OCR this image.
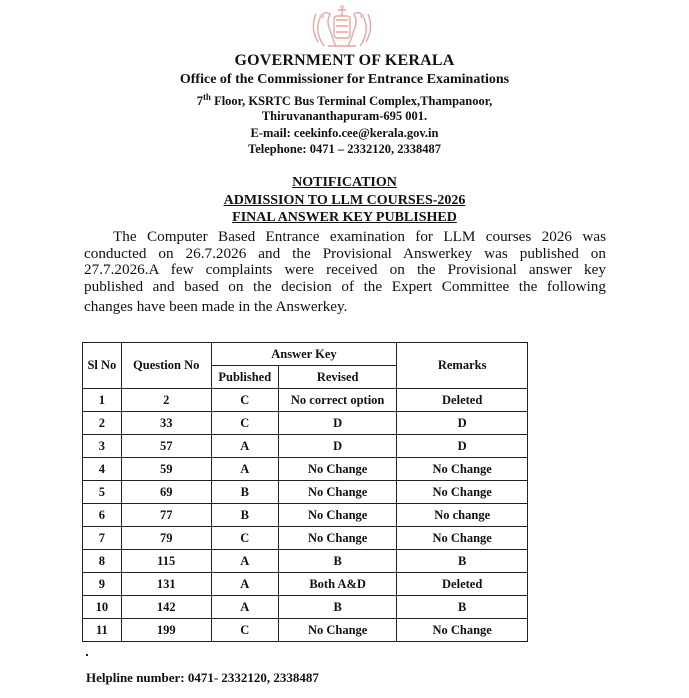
GOVERNMENT OF KERALA
Office of the Commissioner for Entrance Examinations
7th Floor, KSRTC Bus Terminal Complex,Thampanoor,
Thiruvananthapuram-695 001.
E-mail: ceekinfo.cee@kerala.gov.in
Telephone: 0471 – 2332120, 2338487
NOTIFICATION
ADMISSION TO LLM COURSES-2026
FINAL ANSWER KEY PUBLISHED
The Computer Based Entrance examination for LLM courses 2026 was
conducted on 26.7.2026 and the Provisional Answerkey was published on
27.7.2026.A few complaints were received on the Provisional answer key
published and based on the decision of the Expert Committee the following
changes have been made in the Answerkey.
Sl No	Question No	Answer Key		Remarks
		Published	Revised	
1	2	C	No correct option	Deleted
2	33	C	D	D
3	57	A	D	D
4	59	A	No Change	No Change
5	69	B	No Change	No Change
6	77	B	No Change	No change
7	79	C	No Change	No Change
8	115	A	B	B
9	131	A	Both A&D	Deleted
10	142	A	B	B
11	199	C	No Change	No Change
Helpline number: 0471- 2332120, 2338487
